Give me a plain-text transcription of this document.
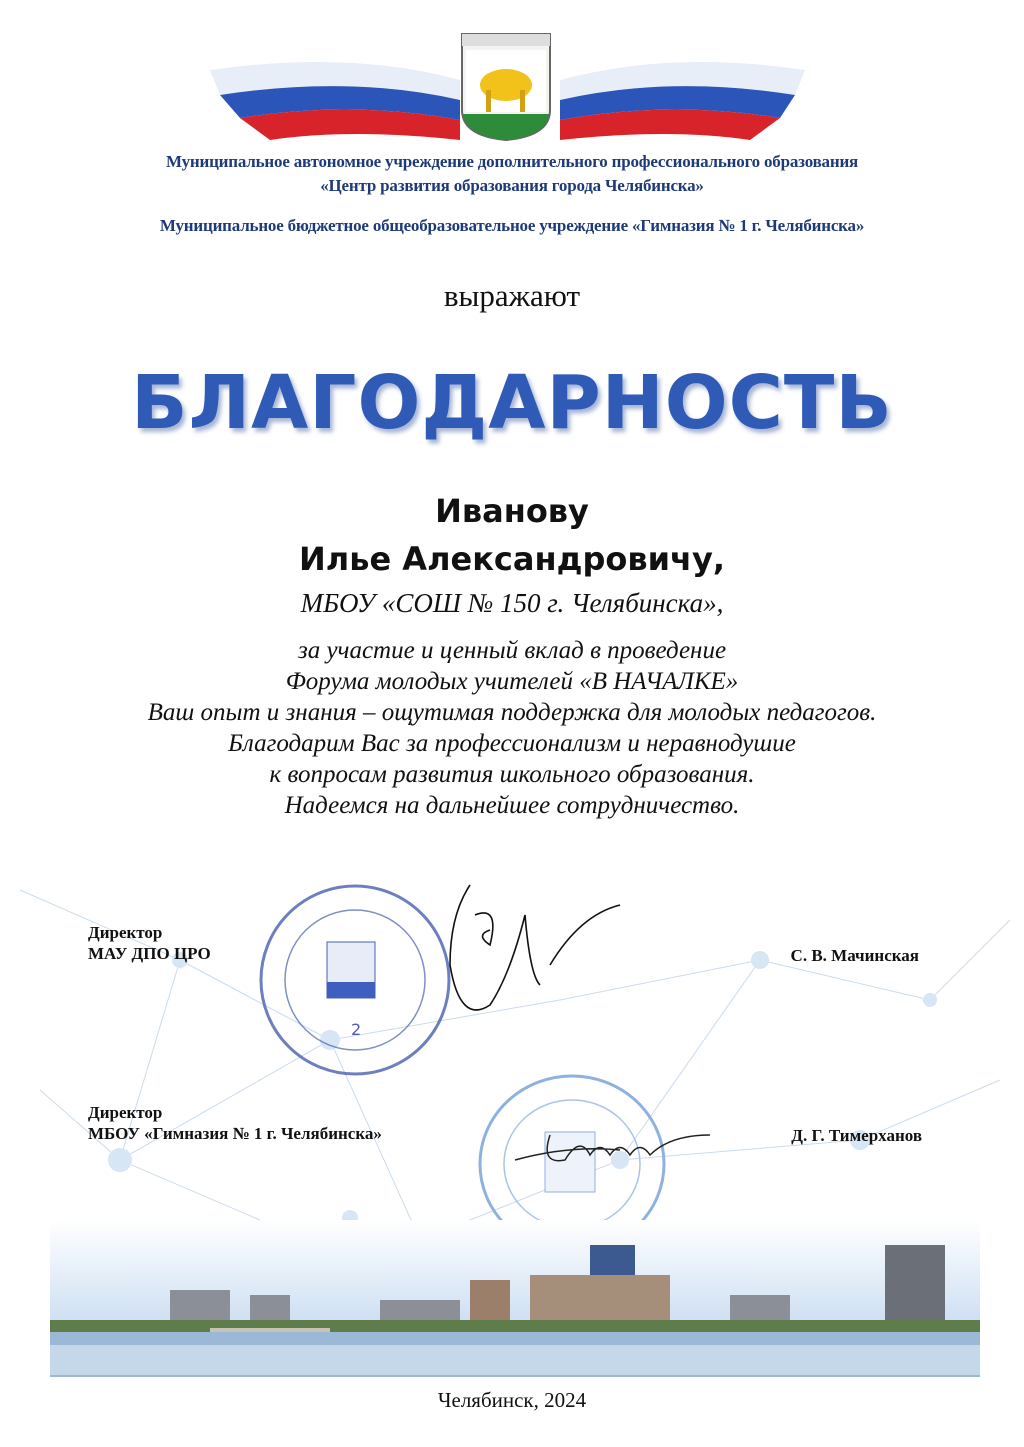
Муниципальное автономное учреждение дополнительного профессионального образования
«Центр развития образования города Челябинска»
Муниципальное бюджетное общеобразовательное учреждение «Гимназия № 1 г. Челябинска»
выражают
БЛАГОДАРНОСТЬ
Иванову
Илье Александровичу,
МБОУ «СОШ № 150 г. Челябинска»,
за участие и ценный вклад в проведение
Форума молодых учителей «В НАЧАЛКЕ»
Ваш опыт и знания – ощутимая поддержка для молодых педагогов.
Благодарим Вас за профессионализм и неравнодушие
к вопросам развития школьного образования.
Надеемся на дальнейшее сотрудничество.
Директор
МАУ ДПО ЦРО	С. В. Мачинская
2
Директор
МБОУ «Гимназия № 1 г. Челябинска»	Д. Г. Тимерханов
Челябинск, 2024
